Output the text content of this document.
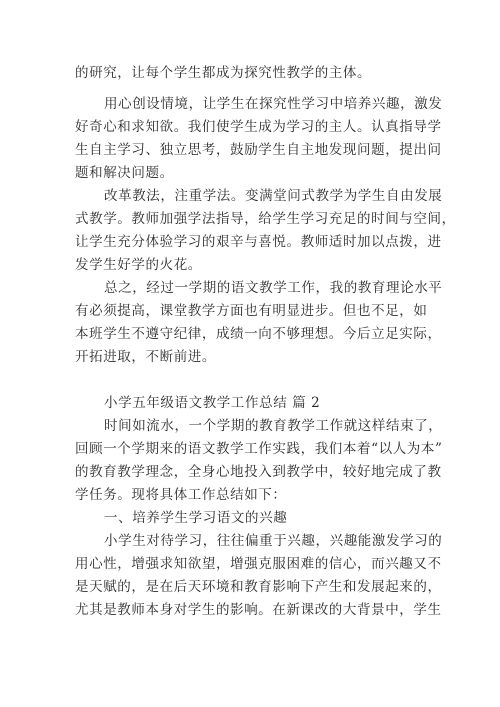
的研究，让每个学生都成为探究性教学的主体。
用心创设情境，让学生在探究性学习中培养兴趣，激发
好奇心和求知欲。我们使学生成为学习的主人。认真指导学
生自主学习、独立思考，鼓励学生自主地发现问题，提出问
题和解决问题。
改革教法，注重学法。变满堂问式教学为学生自由发展
式教学。教师加强学法指导，给学生学习充足的时间与空间，
让学生充分体验学习的艰辛与喜悦。教师适时加以点拨，进
发学生好学的火花。
总之，经过一学期的语文教学工作，我的教育理论水平
有必须提高，课堂教学方面也有明显进步。但也不足，如
本班学生不遵守纪律，成绩一向不够理想。今后立足实际，
开拓进取，不断前进。
小学五年级语文教学工作总结 篇 2
时间如流水，一个学期的教育教学工作就这样结束了，
回顾一个学期来的语文教学工作实践，我们本着“以人为本”
的教育教学理念，全身心地投入到教学中，较好地完成了教
学任务。现将具体工作总结如下：
一、培养学生学习语文的兴趣
小学生对待学习，往往偏重于兴趣，兴趣能激发学习的
用心性，增强求知欲望，增强克服困难的信心，而兴趣又不
是天赋的，是在后天环境和教育影响下产生和发展起来的，
尤其是教师本身对学生的影响。在新课改的大背景中，学生
